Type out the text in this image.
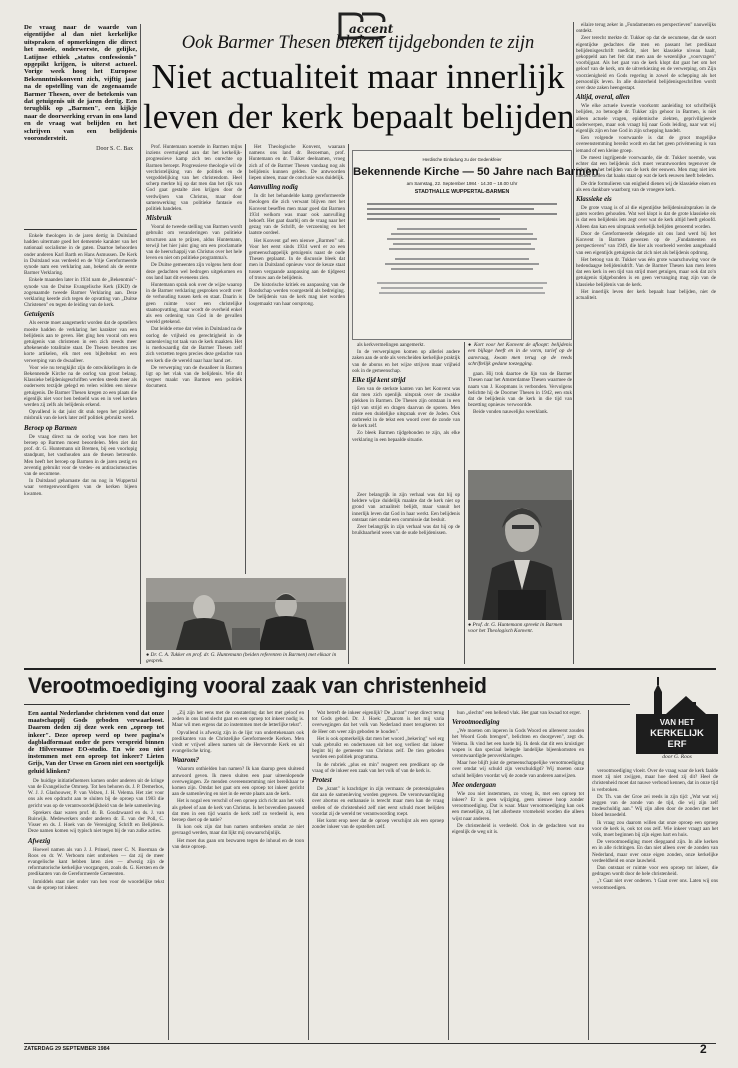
accent
De vraag naar de waarde van eigentijdse al dan niet kerkelijke uitspraken of opmerkingen die direct het moeie, onderwerste, de gelijke, Latijnse ethiek „status confessionis" opgepikt krijgen, is uiterst actueel. Vorige week hoog het Europese Bekennntniskonvent zich, vijftig jaar na de opstelling van de zogenaamde Barmer Thesen, over de betekenis van dat getuigenis uit de jaren dertig. Een terugblik op „Barmen", een kijkje naar de doorwerking ervan in ons land en de vraag wat belijden en het schrijven van een belijdenis voorondersteit.
Door S. C. Bax

Enkele theologen in de jaren dertig in Duitsland hadden uitermate goed het dementele karakter van het nationaal socialisme in de gaten. Daartoe behoorden onder anderen Karl Barth en Hans Asmussen. De Kerk in Duitsland was verdeeld en de Vrije Gereformeerde synode nam een verklaring aan, bekend als de eerste Barmer Verklaring.

Enkele maanden later in 1934 nam de „Bekenntnis"-synode van de Duitse Evangelische Kerk (EKD) de zogenaamde tweede Barmer Verklaring aan. Deze verklaring keerde zich tegen de opvatting van „Duitse Christenen" en tegen de leiding van de kerk.

Getuigenis

Als eerste moet aangemerkt worden dat de opstellers moeite hadden de verklaring het karakter van een belijdenis aan te geven. Het ging hen vooral om een getuigenis van christenen in een zich steeds meer aftekenende totalitaire staat. De Thesen bevatten zes korte artikelen, elk met een bijbeltekst en een verwerping van de dwaalleer.

Voor wie nu terugkijkt zijn de ontwikkelingen in de Bekennende Kirche na de oorlog van groot belang. Klassieke belijdenisgeschriften werden steeds meer als ouderwets terzijde gelegd en velen wilden een nieuw getuigenis. De Barmer Thesen kregen zo een plaats die eigenlijk niet voor hen bedoeld was en in veel kerken werden zij zelfs als belijdenis erkend.

Opvallend is dat juist dit stuk tegen het politieke misbruik van de kerk later zelf politiek gebruikt werd.

Beroep op Barmen

De vraag direct na de oorlog was hoe men het beroep op Barmen moest beoordelen. Men ziet dat prof. dr. G. Huntemann uit Bremen, bij een voorlopig standpunt, het vasthouden aan de thesen betreurde. Men heeft het beroep op Barmen in de jaren zestig en zeventig gebruikt voor de vredes- en antiracismeacties van de oecumene.

In Duitsland geharnaste dat nu nog in Wuppertal waar vertegenwoordigers van de kerken bijeen kwamen.

Ook Barmer Thesen bleken tijdgebonden te zijn
Niet actualiteit maar innerlijk
leven der kerk bepaalt belijden

Prof. Huntemann noemde in Barmen mijns inziens overtuigend aan dat het kerkelijk-progressieve kamp zich ten onrechte op Barmen beroept. Progressieve theologie wil de verchristelijking van de politiek en de vergoddelijking van het christendom. Heel scherp merkte hij op dat men dan het rijk van God gaat gestalte zien krijgen door de verdwijnen van Christus, maar door samenwerking van politieke fantasie en politiek handelen.

Misbruik

Vooral de tweede stelling van Barmen wordt gebruikt om veranderingen van politieke structuren aan te prijzen, aldus Huntemann, terwijl het hier juist ging om een proclamatie van de heerschappij van Christus over het hele leven en niet om politieke programma's.

De Duitse gemeenten zijn volgens hem door deze gedachten wel bedrogen uitgekomen en ons land laat dit eveneens zien.

Huntemann sprak ook over de wijze waarop in de Barmer verklaring gesproken wordt over de verhouding tussen kerk en staat. Daarin is geen ruimte voor een christelijke staatsopvatting, maar wordt de overheid enkel als een ordening van God in de gevallen wereld getekend.

Dat leidde ertoe dat velen in Duitsland na de oorlog de vrijheid en gerechtigheid in de samenleving tot taak van de kerk maakten. Het is merkwaardig dat de Barmer Thesen zelf zich verzetten tegen precies deze gedachte van een kerk die de wereld naar haar hand zet.

De verwerping van de dwaalleer in Barmen ligt op het vlak van de belijdenis. Wie dit vergeet maakt van Barmen een politiek document.

Het Theologische Konvent, waaraan namens ons land dr. Bezoeman, prof. Huntemann en dr. Tukker deelnamen, vroeg zich af of de Barmer Thesen vandaag nog als belijdenis kunnen gelden. De antwoorden liepen uiteen, maar de conclusie was duidelijk.

Aanvulling nodig

In dit het behandelde kamp gereformeerde theologen die zich verwant blijven met het Konvent beseffen men maar goed dat Barmen 1934 welkom was maar ook aanvulling behoeft. Het gaat daarbij om de vraag naar het gezag van de Schrift, de verzoening en het laatste oordeel.

Het Konvent gaf een nieuwe „Barmen" uit. Voor het eerst sinds 1934 werd er zo een gemeenschappelijk getuigenis naast de oude Thesen geplaatst. In de discussie bleek dat men in Duitsland opnieuw voor de keuze staat tussen vergaande aanpassing aan de tijdgeest of trouw aan de belijdenis.

De historische kritiek en aanpassing van de Bondschap werden voorgesteld als bedreiging. De belijdenis van de kerk mag niet worden losgemaakt van haar oorsprong.

Herdische Einladung zu der Gedenkfeier
Bekennende Kirche — 50 Jahre nach Barmen
am Samstag, 22. September 1984 · 14.30 – 18.00 Uhr
STADTHALLE WUPPERTAL-BARMEN

als kerkvermelingen aangemerkt.

In de verwerpingen komen op allerlei andere zaken aan de orde als verscheiden kerkelijke praktijk van de aborus en het wijze strijven maar vrijheid ook in de gemeenschap.

Elke tijd kent strijd

Een van de sterkste kanten van het Konvent was dat men zich openlijk uitsprak over de zwakke plekken in Barmen. De Thesen zijn ontstaan in een tijd van strijd en dragen daarvan de sporen. Men miste een duidelijke uitspraak over de Joden. Ook ontbreekt in de tekst een woord over de zonde van de kerk zelf.

Zo bleek Barmen tijdgebonden te zijn, als elke verklaring in een bepaalde situatie.

Zeer belangrijk in zijn verhaal was dat hij op heldere wijze duidelijk maakte dat de kerk niet op grond van actualiteit belijdt, maar vanuit het innerlijk leven dat God in haar werkt. Een belijdenis ontstaat niet omdat een commissie dat besluit.

Zeer belangrijk in zijn verhaal was dat hij op de bruikbaarheid wees van de oude belijdenissen.

● Kort voor het Konvent de afloopt: belijdenis een bijlage heeft en in de vorm, tarief op de aanvraag, kwam men terug op de reeds schriftelijk gedane toezegging.

gaan. Hij trok daartoe de lijn van de Barmer Thesen naar het Amsterdamse Thesen waarmee de naam van J. Koopmans is verbonden. Vervolgens belichtte hij de Doorner Thesen in 1942, een stuk dat de belijdenis van de kerk in die tijd van bezetting opnieuw verwoordde.

Beide vonden nauwelijks weerklank.

● Prof. dr. G. Huntemann spreekt in Barmen voor het Theologisch Konvent.
● Dr. C. A. Tukker en prof. dr. G. Huntemann (beiden referenten in Barmen) met elkaar in gesprek.

eilaire terug zeker in „Fundamenten en perspectieven" nauwelijks ontdekt.

Zeer terecht merkte dr. Tukker op dat de oecumene, dat de soort eigentijdse gedachtes die men en passant het predikaat belijdenisgeschrift toedicht, niet het klassieke niveau haalt, gekoppeld aan het feit dat men aan de wezenlijke „voorvragen" voorbijgaat. Als het gaat van de kerk klopt dat gaat het om het geloof van de kerk, om de uitverkiezing en de verwerping, om Zijn voorzienigheid en Gods regering in zowel de schepping als het persoonlijk leven. In alle duisterheid belijdenisgeschriften wordt over deze zaken heengestapt.

Altijd, overal, allen

Wie elke actuele kwestie voorkomt aanleiding tot schriftelijk belijden, zo betoogde dr. Tukker zijn gehoor in Barmen, is niet alleen actuele vragen, epidemische ziekten, gepriviligieerde onderwerpen, maar ook vraagt hij naar Gods leiding, naar wat wij eigenlijk zijn en hoe God in zijn schepping handelt.

Een volgende voorwaarde is dat de groot mogelijke overeenstemming bereikt wordt en dat het geen privémening is van iemand of een kleine groep.

De meest ingrijpende voorwaarde, die dr. Tukker noemde, was echter dat een belijdenis zich moet verantwoorden tegenover de Schrift en het belijden van de kerk der eeuwen. Men mag niet iets nieuws stellen dat haaks staat op wat de kerk eeuwen heeft beleden.

De drie formulieren van enigheid dienen wij de klassieke eisen en als een dankbare waarborg van de vroegere kerk.

Klassieke eis

De grote vraag is of al die eigentijdse belijdenisuitspraken in de gaten worden gehouden. Wat wel klopt is dat de grote klassieke eis is dat een belijdenis iets zegt over wat de kerk altijd heeft geloofd. Alleen dan kan een uitspraak werkelijk belijden genoemd worden.

Door de Gereformeerde delegatie uit ons land werd bij het Konvent in Barmen gewezen op de „Fundamenten en perspectieven" van 1949, die hier als voorbeeld werden aangehaald van een eigentijds getuigenis dat zich niet als belijdenis opdrong.

Het betoog van dr. Tukker was één grote waarschuwing voor de hedendaagse belijdenisdrift. Van de Barmer Thesen kan men leren dat een kerk in een tijd van strijd moet getuigen, maar ook dat zo'n getuigenis tijdgebonden is en geen vervanging mag zijn van de klassieke belijdenis van de kerk.

Het innerlijk leven der kerk bepaalt haar belijden, niet de actualiteit.

Verootmoediging vooral zaak van christenheid
VAN HET
KERKELIJK
ERF
door G. Roos
Een aantal Nederlandse christenen vond dat onze maatschappij Gods geboden verwaarloost. Daarom deden zij deze week een „oproep tot inkeer". Deze oproep werd op twee pagina's dagbladformaat onder de pers verspreid binnen de Hilversumse EO-studio. En wie zou niet instemmen met een oproep tot inkeer? Lieten Grijs, Van der Ursse en Groen niet een soortgelijk geluid klinken?

De huidige initiatiefnemers komen onder anderen uit de kringe van de Evangelische Omroep. Tot hen behoren ds. J. P. Demerbos, W. J. J. Glashouwer, P. van Velzen, J. H. Velema. Het ziet voor ons als een opdracht aan te sluiten bij de oproep van 1983 die gericht was op de verantwoordelijkheid van de hele samenleving.

Sprekers daar waren prof. dr. B. Goudzwaard en ds. J. van Ruiswijk. Medewerkers onder anderen dr. E. van der Poll, C. Visser en ds. J. Hoek van de Vereniging Schrift en Belijdenis. Deze namen komen wij typisch niet tegen bij de van zulke acties.

Afwezig

Hoewel namen als van J. J. Prinsel, meer C. N. Boerman de Roos en dr. W. Verboom niet ontbreken — dat zij de meer evangelische kant hebben laten zien — afwezig zijn de reformatorische kerkelijke voorgangers, zoals ds. G. Kersten en de predikanten van de Gereformeerde Gemeenten.

Inmiddels staat niet onder van hen voor de woordelijke tekst van de oproep tot inkeer.

„Zij zijn het eens met de constatering dat het met geloof en zeden in ons land slecht gaat en een oproep tot inkeer nodig is. Maar wil men ergens dat zo instemmen met de letterlijke tekst".

Opvallend is afwezig zijn in de lijst van ondertekenaars ook predikanten van de Christelijke Gereformeerde Kerken. Men vindt er vrijwel alleen namen uit de Hervormde Kerk en uit evangelische kring.

Waarom?

Waarom onthielden hun namen? Ik kan daarop geen sluitend antwoord geven. Ik meen sluiten een paar uiteenlopende overwegingen. Ze menden overeenstemming niet bereikbaar te komen zijn. Omdat het gaat om een oproep tot inkeer gericht aan de samenleving en niet in de eerste plaats aan de kerk.

Het is nogal een verschil of een oproep zich richt aan het volk als geheel of aan de kerk van Christus. Is het bovendien passend dat men in een tijd waarin de kerk zelf zo verdeeld is, een beroep doet op de natie?

Ik kon ook zijn dat hun namen ontbreken omdat ze niet gevraagd werden, maar dat lijkt mij onwaarschijnlijk.

Het moet dus gaan om bezwaren tegen de inhoud en de toon van deze oproep.

Wat betreft de inkeer eigenlijk? De „krant" roept direct terug tot Gods gebod. Dr. J. Hoek: „Daarom is het mij varia overwegingen dat het volk van Nederland moet terugkeren tot de Heer om weer zijn geboden te houden".

Het is ook opmerkelijk dat men het woord „bekering" wel erg vaak gebruikt en ondertussen uit het oog verliest dat inkeer begint bij de gemeente van Christus zelf. De tien geboden worden een politiek programma.

In de rubriek „plus en min" reageert een predikant op de vraag of de inkeer een zaak van het volk of van de kerk is.

Protest

De „krant" is krachtiger in zijn vermaan: de protestsignalen dat aan de samenleving worden gegeven. De verontwaardiging over abortus en euthanasie is terecht maar men kan de vraag stellen of de christenheid zelf niet eerst schuld moet belijden voordat zij de wereld ter verantwoording roept.

Het komt erop neer dat de oproep verschijnt als een oproep zonder inkeer van de opstellers zelf.

hun „slechts" een hellend vlak. Het gaat van kwaad tot erger.

Verootmoediging

„We moeten om inperen in Gods Woord en allereerst zouden het Woord Gods brengen", belichten en doorgeven", zegt ds. Velema. Ik vind het een harde bij. Ik denk dat dit een kruistiger wapen is dan speciaal belegde landelijke bijeenkomsten en verontwaardigde persverklaringen.

Maar hoe blijft juist de gemeenschappelijke verootmoediging over omdat wij schuld zijn verschuldigd? Wij moeten onze schuld belijden voordat wij de zonde van anderen aanwijzen.

Mee ondergaan

Wie zou niet instemmen, zo vroeg ik, met een oproep tot inkeer? Er is geen wijziging, geen nieuwe hoop zonder verootmoediging. Dat is waar. Maar verootmoediging kan ook een menselijke, zij het allerbeste vromeheid worden die alleen wijst naar anderen.

De christenheid is verdeeld. Ook in de gedachten wat nu eigenlijk de weg uit is.

verootmoediging vloeit. Over de vraag waar de kerk faalde moet zij niet zwijgen, maar hoe deed zij dit? Heel de christenheid moet dat nauwe verbond kennen, dat in onze tijd is verbroken.

Dr. Th. van der Groe zei reeds in zijn tijd: „Wat wat wij zeggen van de zonde van de tijd, die wij zijn zelf medeschuldig aan." Wij zijn allen door de zonden met het bloed bezoedeld.

Ik vraag zou daarom willen dat onze oproep een oproep voor de kerk is, ook tot ons zelf. Wie inkeer vraagt aan het volk, moet beginnen bij zijn eigen hart en huis.

De verootmoediging moet diepgaand zijn. In alle kerken en in alle richtingen. En dan niet alleen over de zonden van Nederland, maar over onze eigen zonden, onze kerkelijke verdeeldheid en onze lauwheid.

Dan ontstaat er ruimte voor een oproep tot inkeer, die gedragen wordt door de hele christenheid.

„'t Gaat niet over onderen. 't Gaat over ons. Laten wij ons verootmoedigen.

ZATERDAG 29 SEPTEMBER 1984	2
